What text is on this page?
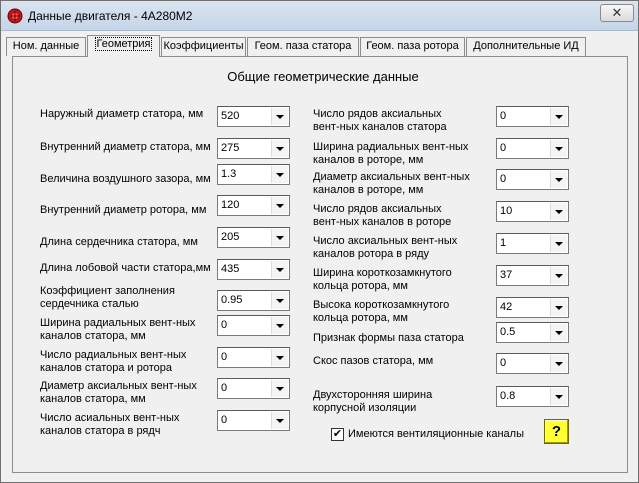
Данные двигателя - 4А280М2	✕
Ном. данные	Геометрия	Коэффициенты	Геом. паза статора	Геом. паза ротора	Дополнительные ИД
Общие геометрические данные
Наружный диаметр статора, мм 520
Внутренний диаметр статора, мм 275
Величина воздушного зазора, мм 1.3
Внутренний диаметр ротора, мм 120
Длина сердечника статора, мм 205
Длина лобовой части статора,мм 435
Коэффициент заполнения
сердечника сталью	0.95
Ширина радиальных вент-ных
каналов статора, мм
0
Число радиальных вент-ных
каналов статора и ротора
0
Диаметр аксиальных вент-ных
каналов статора, мм
0
Число асиальных вент-ных
каналов статора в рядч
0
Число рядов аксиальных
вент-ных каналов статора
0
Ширина радиальных вент-ных
каналов в роторе, мм
0
Диаметр аксиальных вент-ных
каналов в роторе, мм
0
Число рядов аксиальных
вент-ных каналов в роторе
10
Число аксиальных вент-ных
каналов ротора в ряду
1
Ширина короткозамкнутого
кольца ротора, мм
37
Высока короткозамкнутого
кольца ротора, мм
42
Признак формы паза статора	0.5
Скос пазов статора, мм	0
Двухсторонняя ширина
корпусной изоляции
0.8
✔ Имеются вентиляционные каналы	?
